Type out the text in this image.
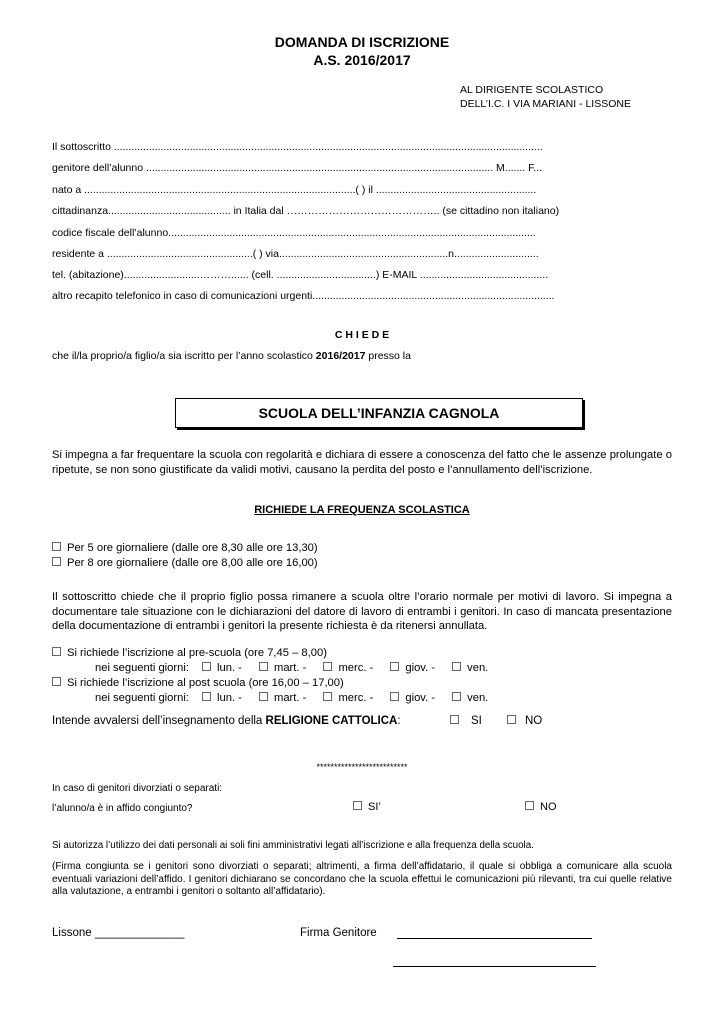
DOMANDA DI ISCRIZIONE
A.S. 2016/2017
AL DIRIGENTE SCOLASTICO
DELL’I.C. I VIA MARIANI - LISSONE
Il sottoscritto ...................................................................................................................................................
genitore dell’alunno ....................................................................................................................... M....... F...
nato a .............................................................................................( ) il .......................................................
cittadinanza.......................................... in Italia dal …………………………………….. (se cittadino non italiano)
codice fiscale dell’alunno..............................................................................................................................
residente a ..................................................( ) via..........................................................n.............................
tel. (abitazione)..........................………...... (cell. ..................................) E-MAIL ............................................
altro recapito telefonico in caso di comunicazioni urgenti...................................................................................
C H I E D E
che il/la proprio/a figlio/a sia iscritto per l’anno scolastico 2016/2017 presso la
SCUOLA DELL’INFANZIA CAGNOLA
Si impegna a far frequentare la scuola con regolarità e dichiara di essere a conoscenza del fatto che le assenze prolungate o ripetute, se non sono giustificate da validi motivi, causano la perdita del posto e l’annullamento dell’iscrizione.
RICHIEDE LA FREQUENZA SCOLASTICA
Per 5 ore giornaliere (dalle ore 8,30 alle ore 13,30)
Per 8 ore giornaliere (dalle ore 8,00 alle ore 16,00)
Il sottoscritto chiede che il proprio figlio possa rimanere a scuola oltre l’orario normale per motivi di lavoro. Si impegna a documentare tale situazione con le dichiarazioni del datore di lavoro di entrambi i genitori. In caso di mancata presentazione della documentazione di entrambi i genitori la presente richiesta è da ritenersi annullata.
Si richiede l’iscrizione al pre-scuola (ore 7,45 – 8,00)
nei seguenti giorni:	lun. -	mart. -	merc. -	giov. -	ven.
Si richiede l’iscrizione al post scuola (ore 16,00 – 17,00)
nei seguenti giorni:	lun. -	mart. -	merc. -	giov. -	ven.
Intende avvalersi dell’insegnamento della RELIGIONE CATTOLICA:	SI	NO
**************************
In caso di genitori divorziati o separati:
l’alunno/a è in affido congiunto?	SI’	NO
Si autorizza l’utilizzo dei dati personali ai soli fini amministrativi legati all’iscrizione e alla frequenza della scuola.
(Firma congiunta se i genitori sono divorziati o separati; altrimenti, a firma dell’affidatario, il quale si obbliga a comunicare alla scuola eventuali variazioni dell’affido. I genitori dichiarano se concordano che la scuola effettui le comunicazioni più rilevanti, tra cui quelle relative alla valutazione, a entrambi i genitori o soltanto all’affidatario).
Lissone ______________	Firma Genitore
